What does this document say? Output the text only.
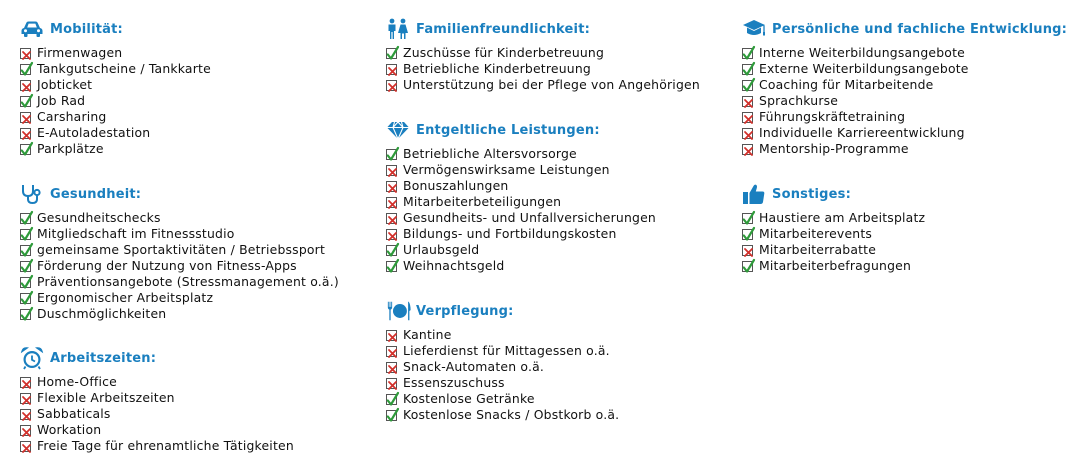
Mobilität:
Firmenwagen
Tankgutscheine / Tankkarte
Jobticket
Job Rad
Carsharing
E-Autoladestation
Parkplätze
Gesundheit:
Gesundheitschecks
Mitgliedschaft im Fitnessstudio
gemeinsame Sportaktivitäten / Betriebssport
Förderung der Nutzung von Fitness-Apps
Präventionsangebote (Stressmanagement o.ä.)
Ergonomischer Arbeitsplatz
Duschmöglichkeiten
Arbeitszeiten:
Home-Office
Flexible Arbeitszeiten
Sabbaticals
Workation
Freie Tage für ehrenamtliche Tätigkeiten
Familienfreundlichkeit:
Zuschüsse für Kinderbetreuung
Betriebliche Kinderbetreuung
Unterstützung bei der Pflege von Angehörigen
Entgeltliche Leistungen:
Betriebliche Altersvorsorge
Vermögenswirksame Leistungen
Bonuszahlungen
Mitarbeiterbeteiligungen
Gesundheits- und Unfallversicherungen
Bildungs- und Fortbildungskosten
Urlaubsgeld
Weihnachtsgeld
Verpflegung:
Kantine
Lieferdienst für Mittagessen o.ä.
Snack-Automaten o.ä.
Essenszuschuss
Kostenlose Getränke
Kostenlose Snacks / Obstkorb o.ä.
Persönliche und fachliche Entwicklung:
Interne Weiterbildungsangebote
Externe Weiterbildungsangebote
Coaching für Mitarbeitende
Sprachkurse
Führungskräftetraining
Individuelle Karriereentwicklung
Mentorship-Programme
Sonstiges:
Haustiere am Arbeitsplatz
Mitarbeiterevents
Mitarbeiterrabatte
Mitarbeiterbefragungen
